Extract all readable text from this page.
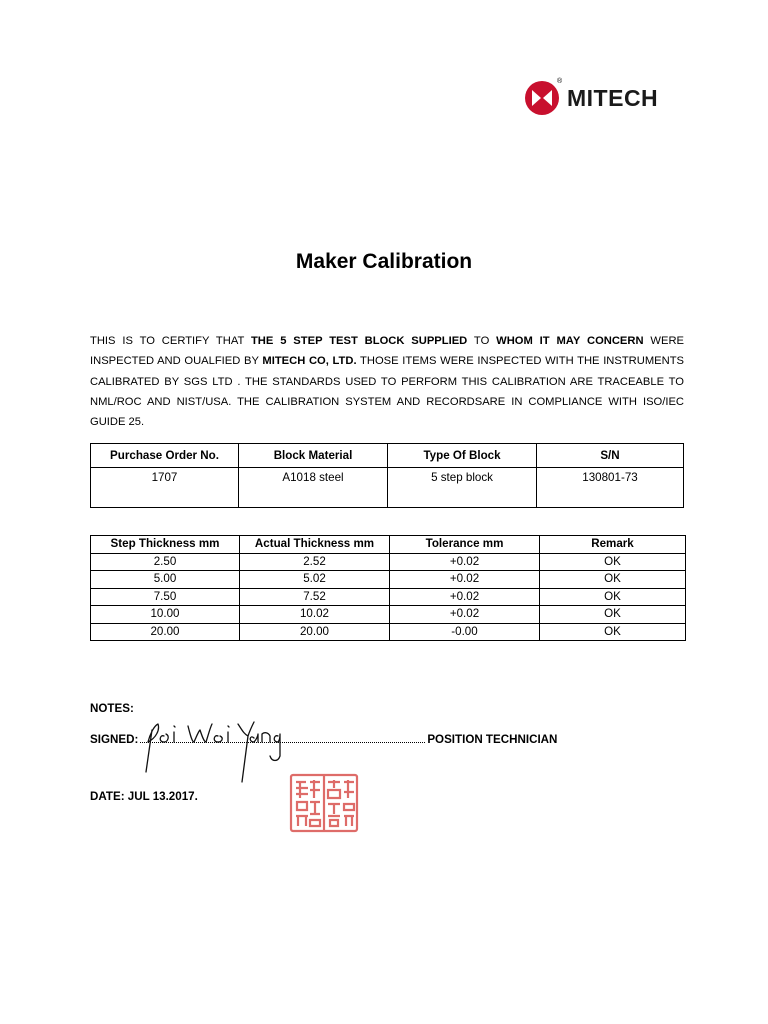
®
MITECH
Maker Calibration
THIS IS TO CERTIFY THAT THE 5 STEP TEST BLOCK SUPPLIED TO WHOM IT MAY CONCERN WERE INSPECTED AND OUALFIED BY MITECH CO, LTD. THOSE ITEMS WERE INSPECTED WITH THE INSTRUMENTS CALIBRATED BY SGS LTD . THE STANDARDS USED TO PERFORM THIS CALIBRATION ARE TRACEABLE TO NML/ROC AND NIST/USA. THE CALIBRATION SYSTEM AND RECORDSARE IN COMPLIANCE WITH ISO/IEC GUIDE 25.
Purchase Order No.	Block Material	Type Of Block	S/N
1707	A1018 steel	5 step block	130801-73
Step Thickness mm	Actual Thickness mm	Tolerance mm	Remark
2.50	2.52	+0.02	OK
5.00	5.02	+0.02	OK
7.50	7.52	+0.02	OK
10.00	10.02	+0.02	OK
20.00	20.00	-0.00	OK
NOTES:
SIGNED:	POSITION TECHNICIAN
DATE: JUL 13.2017.
